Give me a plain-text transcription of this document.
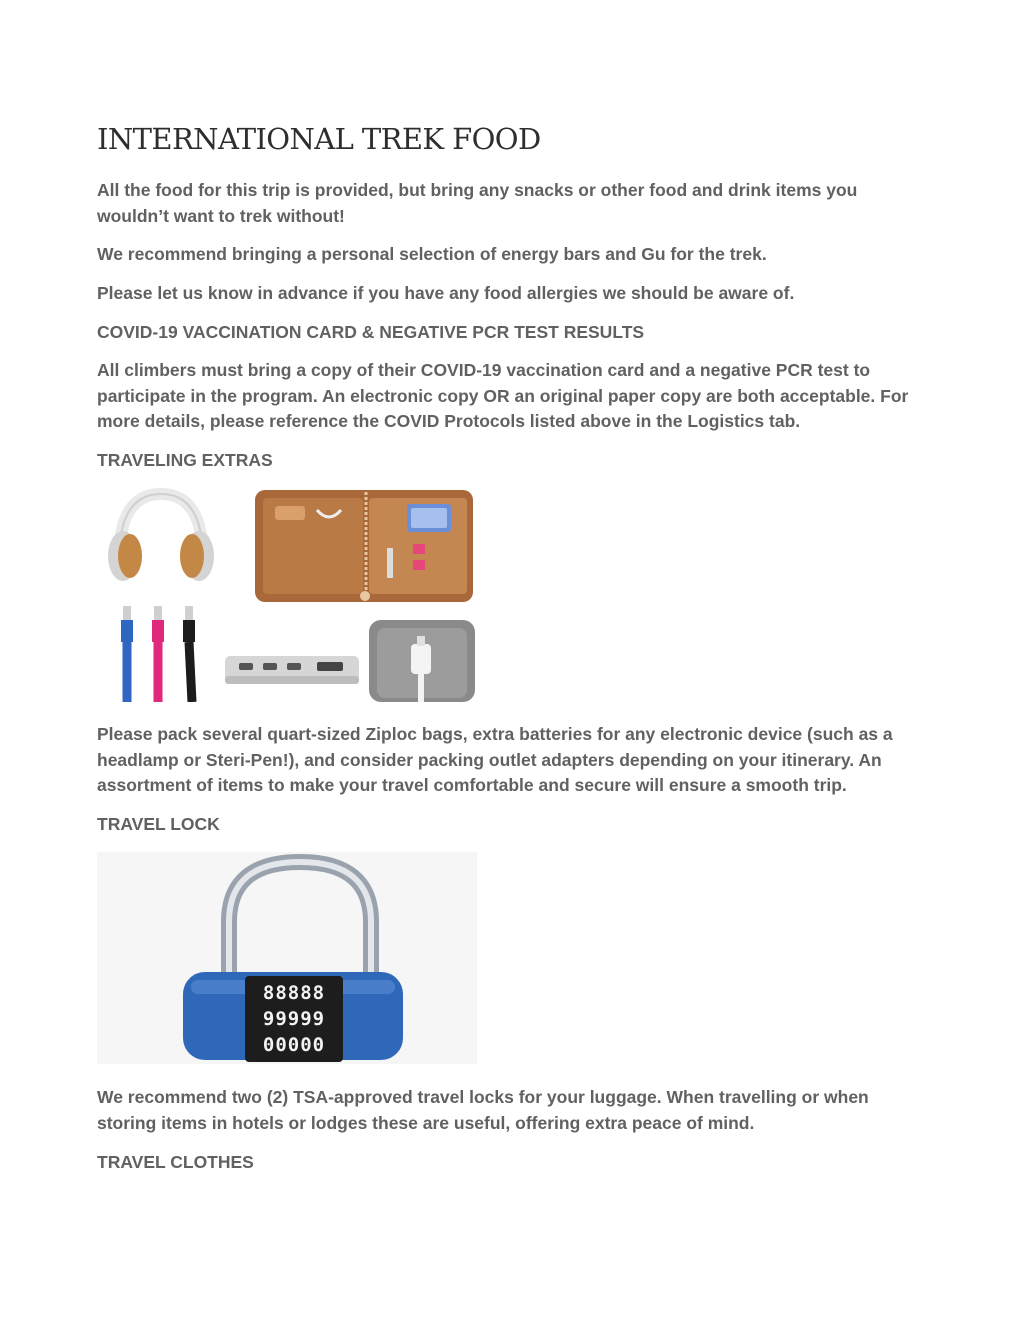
INTERNATIONAL TREK FOOD

All the food for this trip is provided, but bring any snacks or other food and drink items you wouldn’t want to trek without!

We recommend bringing a personal selection of energy bars and Gu for the trek.

Please let us know in advance if you have any food allergies we should be aware of.

COVID-19 VACCINATION CARD & NEGATIVE PCR TEST RESULTS

All climbers must bring a copy of their COVID-19 vaccination card and a negative PCR test to participate in the program. An electronic copy OR an original paper copy are both acceptable. For more details, please reference the COVID Protocols listed above in the Logistics tab.

TRAVELING EXTRAS

Please pack several quart-sized Ziploc bags, extra batteries for any electronic device (such as a headlamp or Steri-Pen!), and consider packing outlet adapters depending on your itinerary. An assortment of items to make your travel comfortable and secure will ensure a smooth trip.

TRAVEL LOCK

88888
99999
00000

We recommend two (2) TSA-approved travel locks for your luggage. When travelling or when storing items in hotels or lodges these are useful, offering extra peace of mind.

TRAVEL CLOTHES
